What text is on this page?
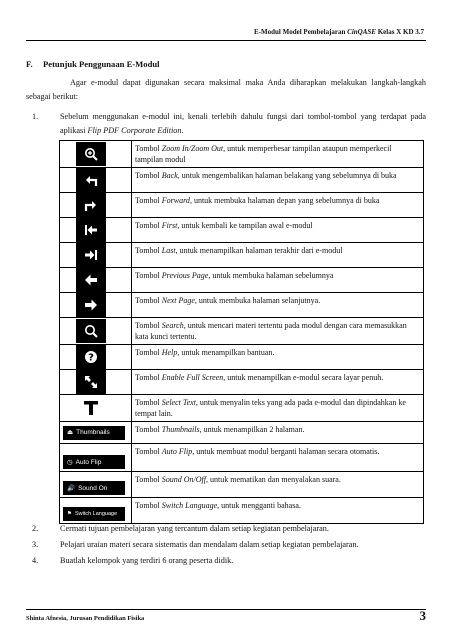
E-Modul Model Pembelajaran CinQASE Kelas X KD 3.7
F. Petunjuk Penggunaan E-Modul

Agar e-modul dapat digunakan secara maksimal maka Anda diharapkan melakukan langkah-langkah sebagai berikut:

1.	Sebelum menggunakan e-modul ini, kenali terlebih dahulu fungsi dari tombol-tombol yang terdapat pada aplikasi Flip PDF Corporate Edition.
	Tombol Zoom In/Zoom Out, untuk memperbesar tampilan ataupun memperkecil tampilan modul

	Tombol Back, untuk mengembalikan halaman belakang yang sebelumnya di buka

	Tombol Forward, untuk membuka halaman depan yang sebelumnya di buka

	Tombol First, untuk kembali ke tampilan awal e-modul

	Tombol Last, untuk menampilkan halaman terakhir dari e-modul

	Tombol Previous Page, untuk membuka halaman sebelumnya

	Tombol Next Page, untuk membuka halaman selanjutnya.

	Tombol Search, untuk mencari materi tertentu pada modul dengan cara memasukkan kata kunci tertentu.

?	Tombol Help, untuk menampilkan bantuan.

	Tombol Enable Full Screen, untuk menampilkan e-modul secara layar penuh.

	Tombol Select Text, untuk menyalin teks yang ada pada e-modul dan dipindahkan ke tempat lain.

⏏ Thumbnails	Tombol Thumbnails, untuk menampilkan 2 halaman.

◷ Auto Flip	Tombol Auto Flip, untuk membuat modul berganti halaman secara otomatis.

🔊 Sound On	Tombol Sound On/Off, untuk mematikan dan menyalakan suara.

⚑ Switch Language	Tombol Switch Language, untuk mengganti bahasa.
2.	Cermati tujuan pembelajaran yang tercantum dalam setiap kegiatan pembelajaran.
3.	Pelajari uraian materi secara sistematis dan mendalam dalam setiap kegiatan pembelajaran.
4.	Buatlah kelompok yang terdiri 6 orang peserta didik.
Shinta Afnesia, Jurusan Pendidikan Fisika	3
